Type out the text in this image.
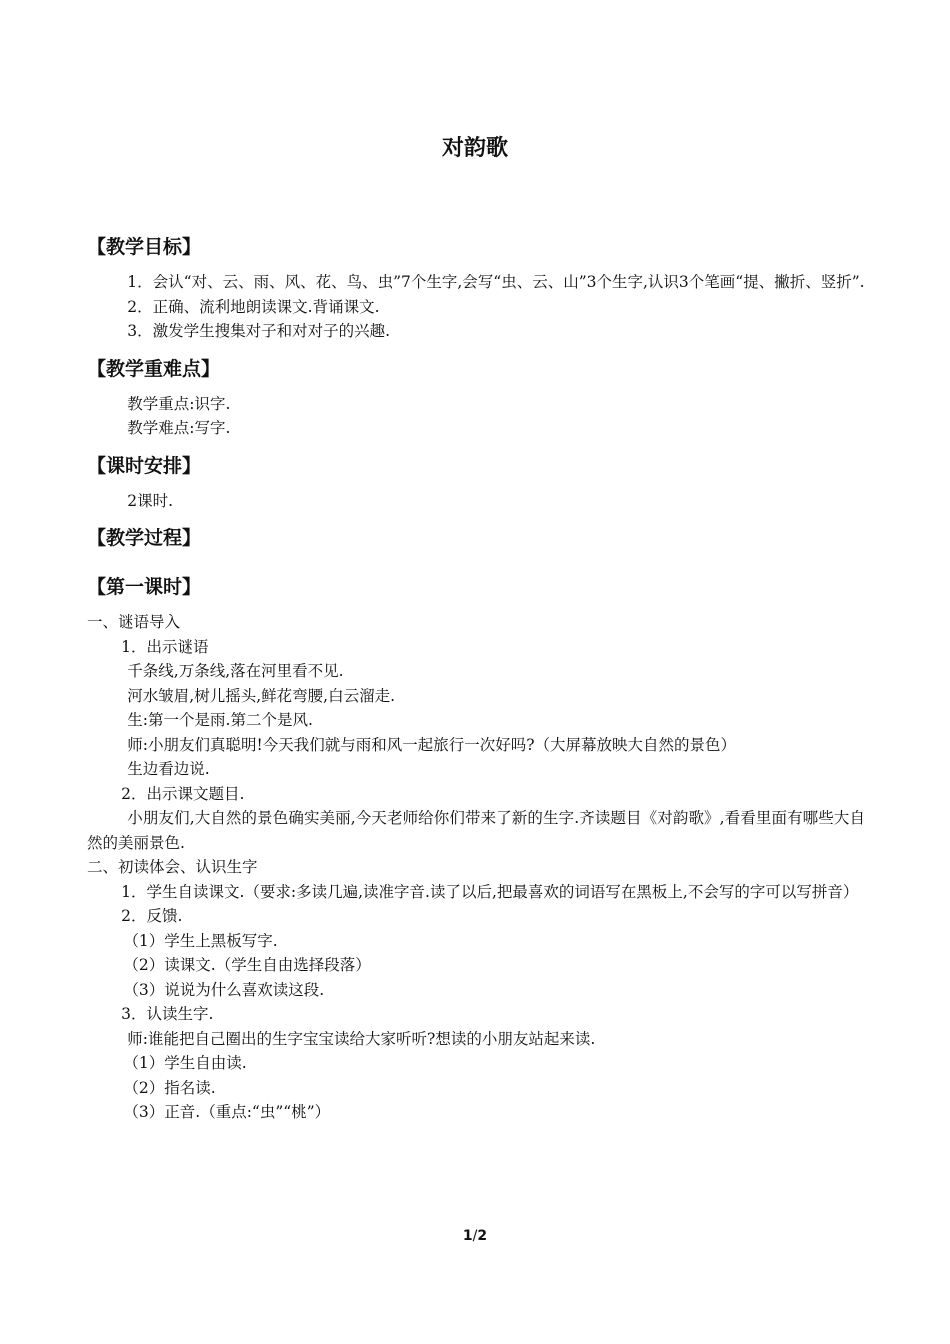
对韵歌
【教学目标】

1．会认“对、云、雨、风、花、鸟、虫”7个生字,会写“虫、云、山”3个生字,认识3个笔画“提、撇折、竖折”.

2．正确、流利地朗读课文.背诵课文.

3．激发学生搜集对子和对对子的兴趣.

【教学重难点】

教学重点:识字.

教学难点:写字.

【课时安排】

2课时.

【教学过程】
【第一课时】

一、谜语导入

1．出示谜语

千条线,万条线,落在河里看不见.

河水皱眉,树儿摇头,鲜花弯腰,白云溜走.

生:第一个是雨.第二个是风.

师:小朋友们真聪明!今天我们就与雨和风一起旅行一次好吗?（大屏幕放映大自然的景色）

生边看边说.

2．出示课文题目.

小朋友们,大自然的景色确实美丽,今天老师给你们带来了新的生字.齐读题目《对韵歌》,看看里面有哪些大自然的美丽景色.

二、初读体会、认识生字

1．学生自读课文.（要求:多读几遍,读准字音.读了以后,把最喜欢的词语写在黑板上,不会写的字可以写拼音）

2．反馈.

（1）学生上黑板写字.

（2）读课文.（学生自由选择段落）

（3）说说为什么喜欢读这段.

3．认读生字.

师:谁能把自己圈出的生字宝宝读给大家听听?想读的小朋友站起来读.

（1）学生自由读.

（2）指名读.

（3）正音.（重点:“虫”“桃”）

1/2
